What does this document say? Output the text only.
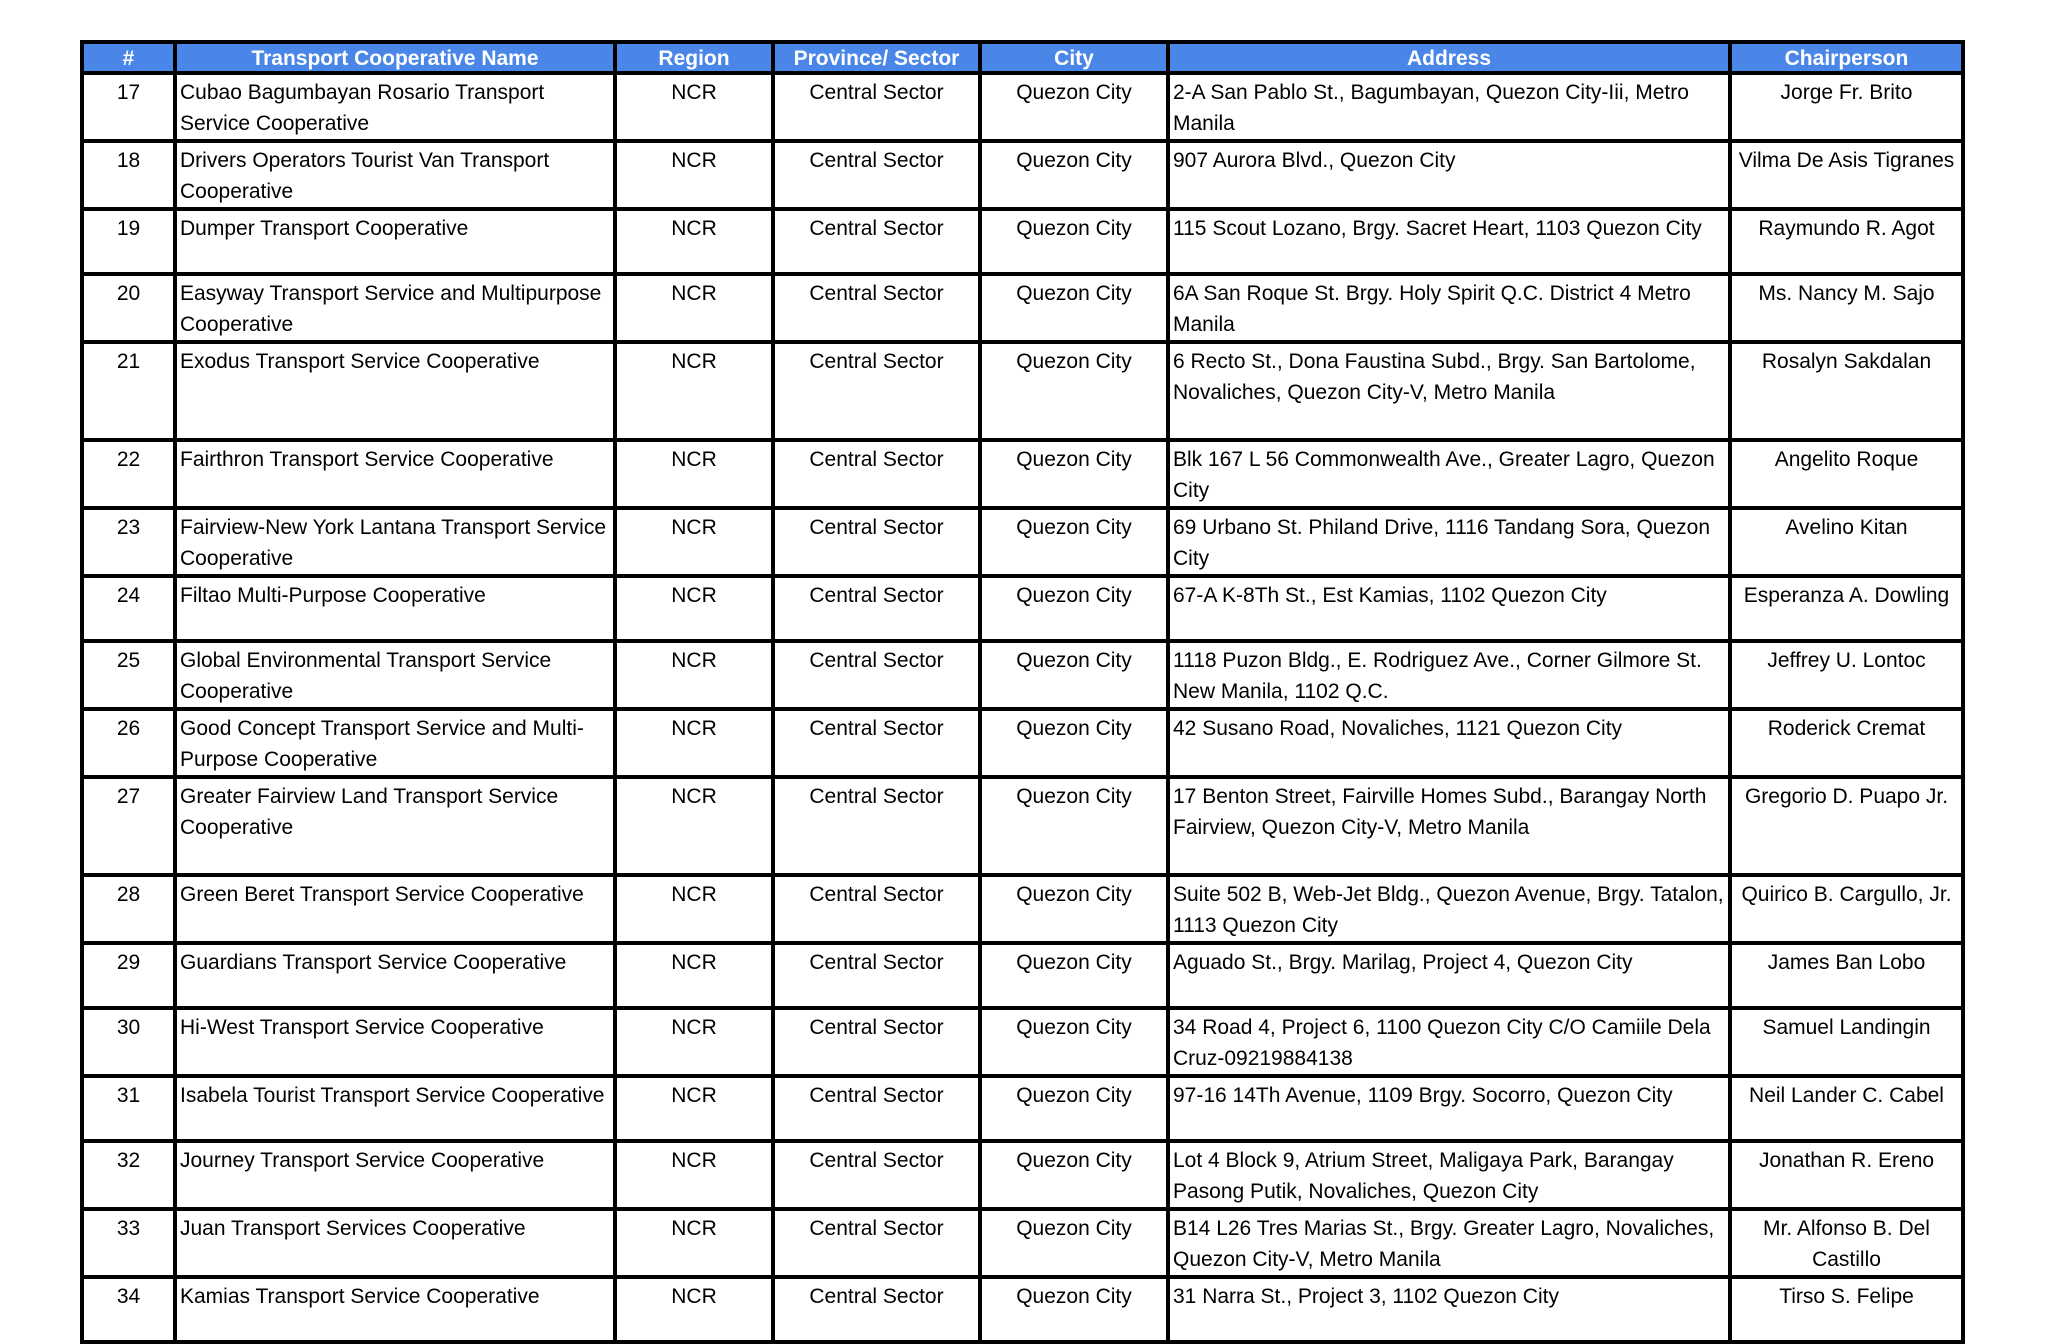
#	Transport Cooperative Name	Region	Province/ Sector	City	Address	Chairperson
17	Cubao Bagumbayan Rosario Transport Service Cooperative	NCR	Central Sector	Quezon City	2-A San Pablo St., Bagumbayan, Quezon City-Iii, Metro Manila	Jorge Fr. Brito
18	Drivers Operators Tourist Van Transport Cooperative	NCR	Central Sector	Quezon City	907 Aurora Blvd., Quezon City	Vilma De Asis Tigranes
19	Dumper Transport Cooperative	NCR	Central Sector	Quezon City	115 Scout Lozano, Brgy. Sacret Heart, 1103 Quezon City	Raymundo R. Agot
20	Easyway Transport Service and Multipurpose Cooperative	NCR	Central Sector	Quezon City	6A San Roque St. Brgy. Holy Spirit Q.C. District 4 Metro Manila	Ms. Nancy M. Sajo
21	Exodus Transport Service Cooperative	NCR	Central Sector	Quezon City	6 Recto St., Dona Faustina Subd., Brgy. San Bartolome, Novaliches, Quezon City-V, Metro Manila	Rosalyn Sakdalan
22	Fairthron Transport Service Cooperative	NCR	Central Sector	Quezon City	Blk 167 L 56 Commonwealth Ave., Greater Lagro, Quezon City	Angelito Roque
23	Fairview-New York Lantana Transport Service Cooperative	NCR	Central Sector	Quezon City	69 Urbano St. Philand Drive, 1116 Tandang Sora, Quezon City	Avelino Kitan
24	Filtao Multi-Purpose Cooperative	NCR	Central Sector	Quezon City	67-A K-8Th St., Est Kamias, 1102 Quezon City	Esperanza A. Dowling
25	Global Environmental Transport Service Cooperative	NCR	Central Sector	Quezon City	1118 Puzon Bldg., E. Rodriguez Ave., Corner Gilmore St. New Manila, 1102 Q.C.	Jeffrey U. Lontoc
26	Good Concept Transport Service and Multi-Purpose Cooperative	NCR	Central Sector	Quezon City	42 Susano Road, Novaliches, 1121 Quezon City	Roderick Cremat
27	Greater Fairview Land Transport Service Cooperative	NCR	Central Sector	Quezon City	17 Benton Street, Fairville Homes Subd., Barangay North Fairview, Quezon City-V, Metro Manila	Gregorio D. Puapo Jr.
28	Green Beret Transport Service Cooperative	NCR	Central Sector	Quezon City	Suite 502 B, Web-Jet Bldg., Quezon Avenue, Brgy. Tatalon, 1113 Quezon City	Quirico B. Cargullo, Jr.
29	Guardians Transport Service Cooperative	NCR	Central Sector	Quezon City	Aguado St., Brgy. Marilag, Project 4, Quezon City	James Ban Lobo
30	Hi-West Transport Service Cooperative	NCR	Central Sector	Quezon City	34 Road 4, Project 6, 1100 Quezon City C/O Camiile Dela Cruz-09219884138	Samuel Landingin
31	Isabela Tourist Transport Service Cooperative	NCR	Central Sector	Quezon City	97-16 14Th Avenue, 1109 Brgy. Socorro, Quezon City	Neil Lander C. Cabel
32	Journey Transport Service Cooperative	NCR	Central Sector	Quezon City	Lot 4 Block 9, Atrium Street, Maligaya Park, Barangay Pasong Putik, Novaliches, Quezon City	Jonathan R. Ereno
33	Juan Transport Services Cooperative	NCR	Central Sector	Quezon City	B14 L26 Tres Marias St., Brgy. Greater Lagro, Novaliches, Quezon City-V, Metro Manila	Mr. Alfonso B. Del Castillo
34	Kamias Transport Service Cooperative	NCR	Central Sector	Quezon City	31 Narra St., Project 3, 1102 Quezon City	Tirso S. Felipe
